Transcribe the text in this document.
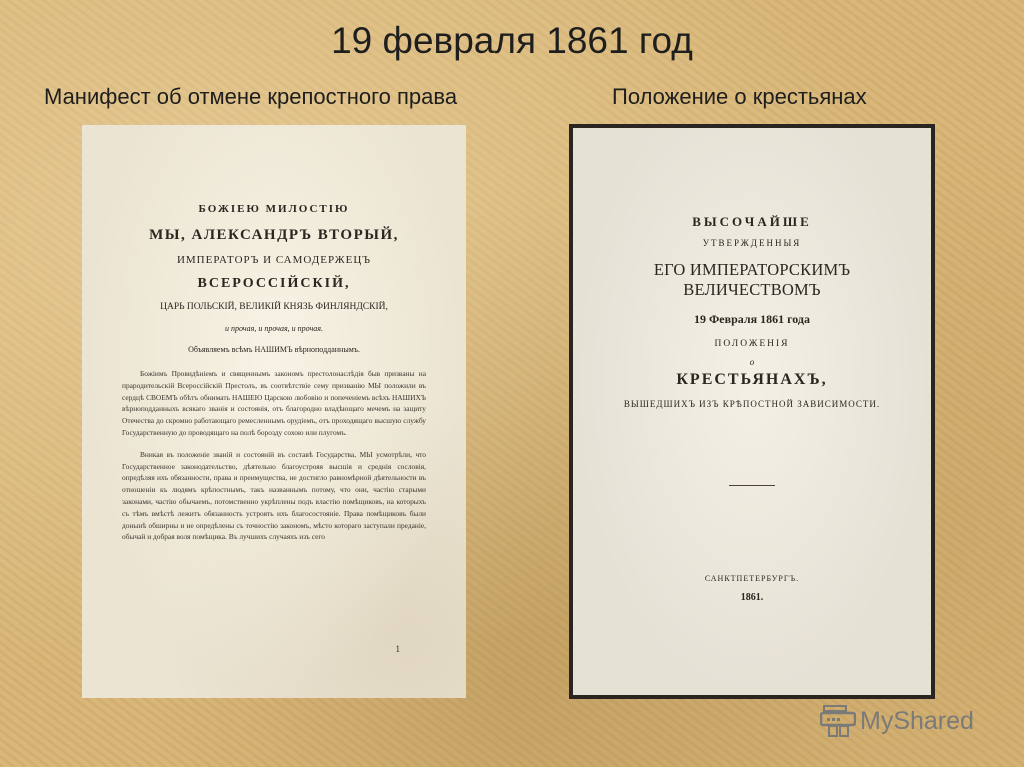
19 февраля 1861 год
Манифест об отмене крепостного права	Положение о крестьянах
БОЖІЕЮ МИЛОСТІЮ
МЫ, АЛЕКСАНДРЪ ВТОРЫЙ,
ИМПЕРАТОРЪ И САМОДЕРЖЕЦЪ
ВСЕРОССІЙСКІЙ,
ЦАРЬ ПОЛЬСКІЙ, ВЕЛИКІЙ КНЯЗЬ ФИНЛЯНДСКІЙ,
и прочая, и прочая, и прочая.
Объявляемъ всѣмъ НАШИМЪ вѣрноподданнымъ.
Божіимъ Провидѣніемъ и священнымъ закономъ престолонаслѣдія быв призваны на прародительскій Всероссійскій Престолъ, въ соотвѣтствіе сему призванію МЫ положили въ сердцѣ СВОЕМЪ обѣтъ обнимать НАШЕЮ Царскою любовію и попеченіемъ всѣхъ НАШИХЪ вѣрноподданныхъ всякаго званія и состоянія, отъ благородно владѣющаго мечемъ на защиту Отечества до скромно работающаго ремесленнымъ орудіемъ, отъ проходящаго высшую службу Государственную до проводящаго на полѣ борозду сохою или плугомъ.
Вникая въ положеніе званій и состояній въ составѣ Государства, МЫ усмотрѣли, что Государственное законодательство, дѣятельно благоустрояя высшія и среднія сословія, опредѣляя ихъ обязанности, права и преимущества, не достигло равномѣрной дѣятельности въ отношеніи къ людямъ крѣпостнымъ, такъ названнымъ потому, что они, частію старыми законами, частію обычаемъ, потомственно укрѣплены подъ властію помѣщиковъ, на которыхъ съ тѣмъ вмѣстѣ лежитъ обязанность устроять ихъ благосостояніе. Права помѣщиковъ были донынѣ обширны и не опредѣлены съ точностію закономъ, мѣсто котораго заступали преданіе, обычай и добрая воля помѣщика. Въ лучшихъ случаяхъ изъ сего
1
ВЫСОЧАЙШЕ
УТВЕРЖДЕННЫЯ
ЕГО ИМПЕРАТОРСКИМЪ ВЕЛИЧЕСТВОМЪ
19 Февраля 1861 года
ПОЛОЖЕНІЯ
о
КРЕСТЬЯНАХЪ,
ВЫШЕДШИХЪ ИЗЪ КРѢПОСТНОЙ ЗАВИСИМОСТИ.
САНКТПЕТЕРБУРГЪ.
1861.
MyShared
